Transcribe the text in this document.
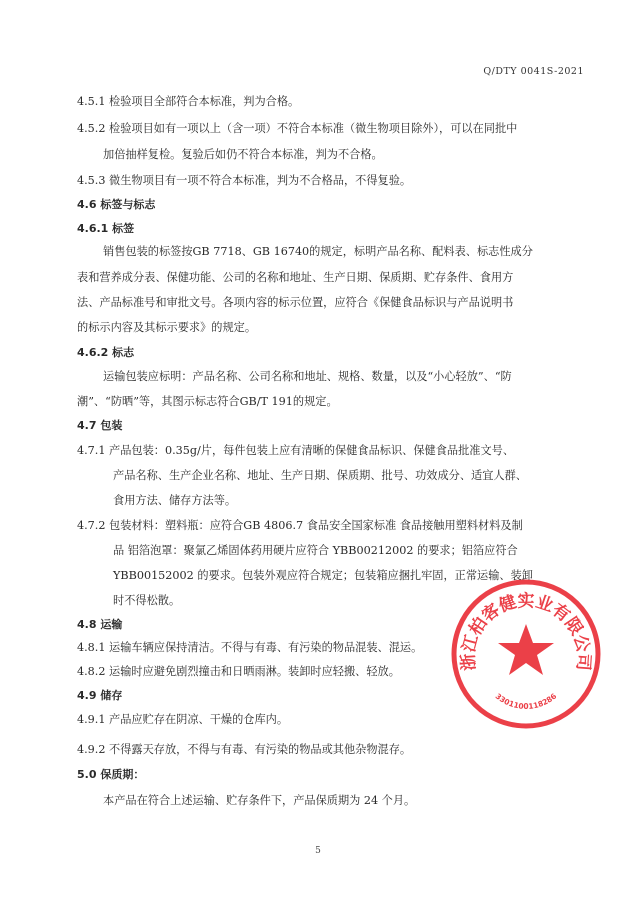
Q/DTY 0041S-2021
4.5.1 检验项目全部符合本标准，判为合格。
4.5.2 检验项目如有一项以上（含一项）不符合本标准（微生物项目除外），可以在同批中
加倍抽样复检。复验后如仍不符合本标准，判为不合格。
4.5.3 微生物项目有一项不符合本标准，判为不合格品，不得复验。
4.6 标签与标志
4.6.1 标签
销售包装的标签按GB 7718、GB 16740的规定，标明产品名称、配料表、标志性成分
表和营养成分表、保健功能、公司的名称和地址、生产日期、保质期、贮存条件、食用方
法、产品标准号和审批文号。各项内容的标示位置，应符合《保健食品标识与产品说明书
的标示内容及其标示要求》的规定。
4.6.2 标志
运输包装应标明：产品名称、公司名称和地址、规格、数量，以及“小心轻放”、“防
潮”、“防晒”等，其图示标志符合GB/T 191的规定。
4.7 包装
4.7.1 产品包装：0.35g/片，每件包装上应有清晰的保健食品标识、保健食品批准文号、
产品名称、生产企业名称、地址、生产日期、保质期、批号、功效成分、适宜人群、
食用方法、储存方法等。
4.7.2 包装材料：塑料瓶：应符合GB 4806.7 食品安全国家标准 食品接触用塑料材料及制
品 铝箔泡罩：聚氯乙烯固体药用硬片应符合 YBB00212002 的要求；铝箔应符合
YBB00152002 的要求。包装外观应符合规定；包装箱应捆扎牢固，正常运输、装卸
时不得松散。
4.8 运输
4.8.1 运输车辆应保持清洁。不得与有毒、有污染的物品混装、混运。
4.8.2 运输时应避免剧烈撞击和日晒雨淋。装卸时应轻搬、轻放。
4.9 储存
4.9.1 产品应贮存在阴凉、干燥的仓库内。
4.9.2 不得露天存放，不得与有毒、有污染的物品或其他杂物混存。
5.0 保质期：
本产品在符合上述运输、贮存条件下，产品保质期为 24 个月。
5
浙江柏客健实业有限公司
3301100118286
